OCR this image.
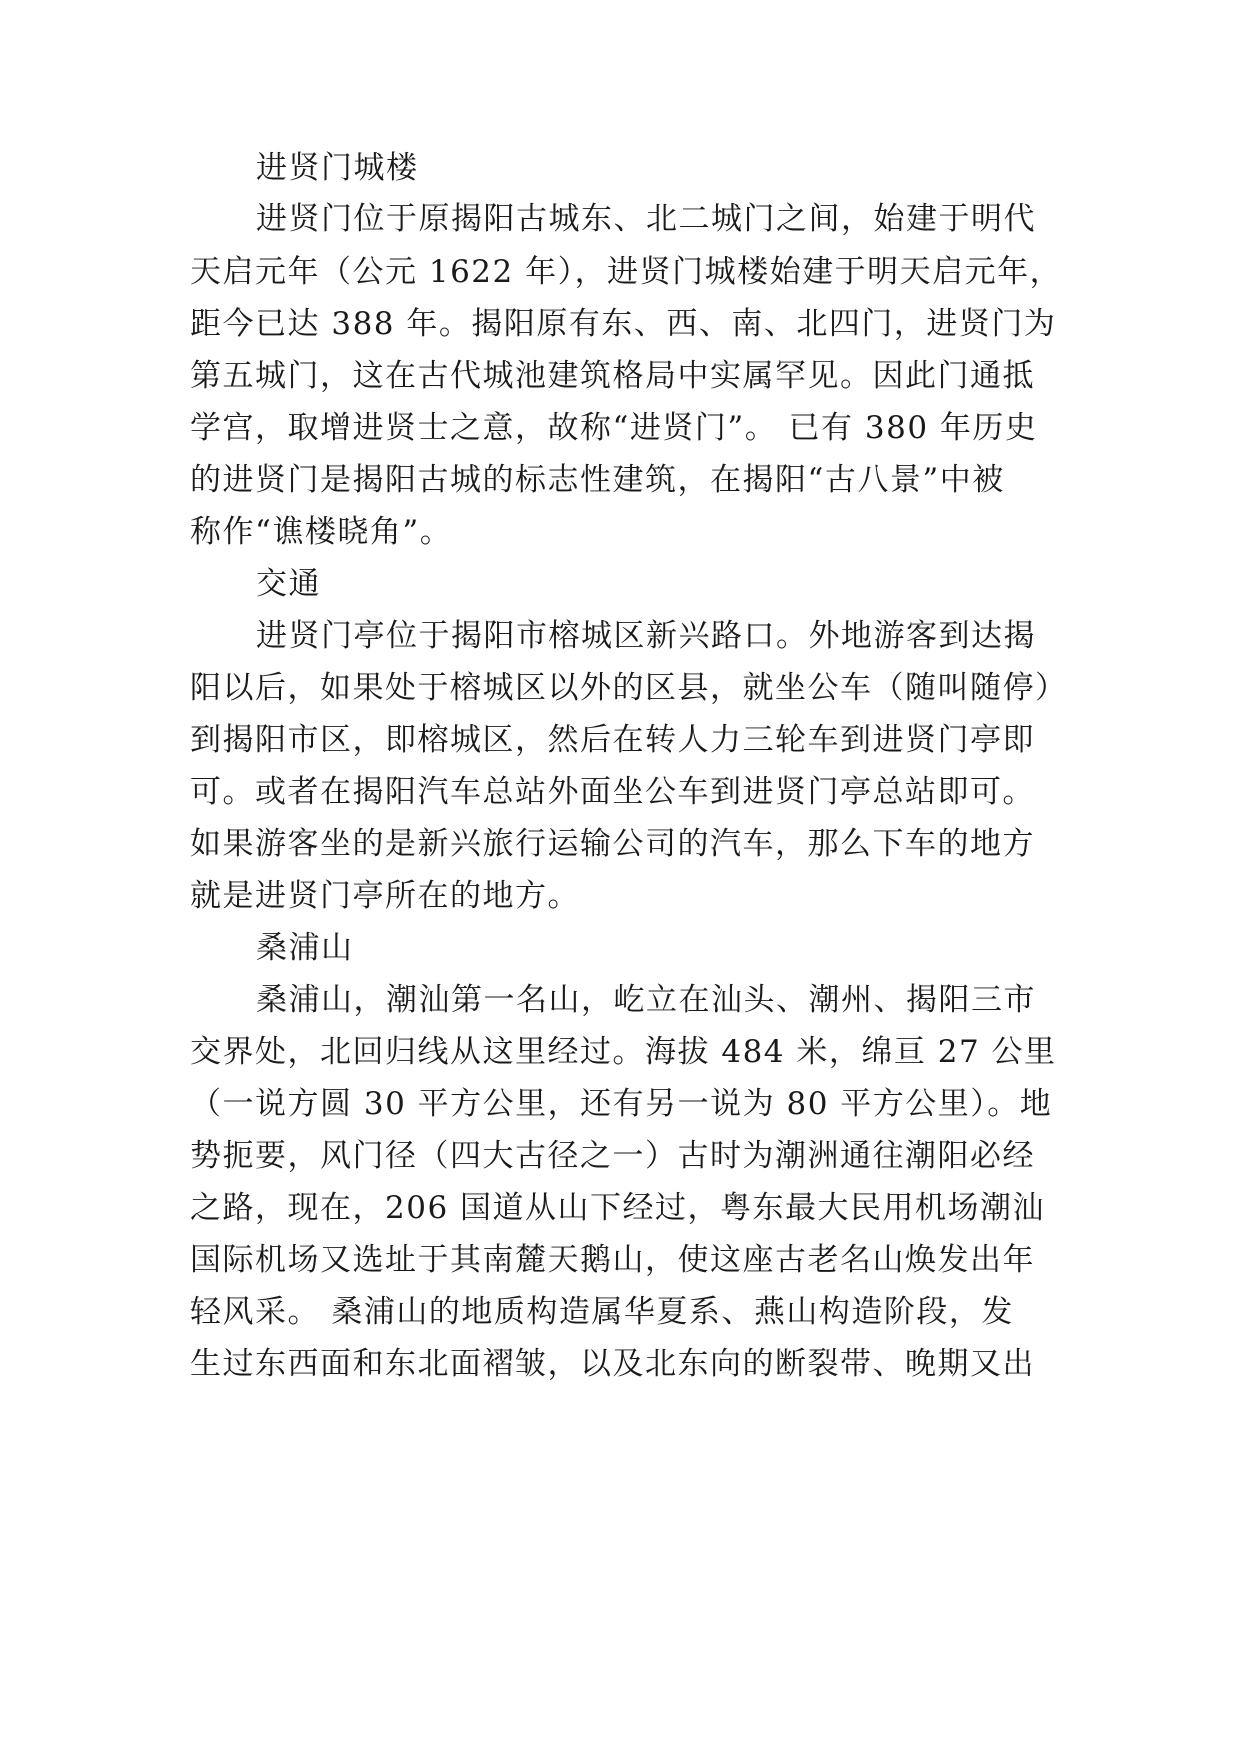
进贤门城楼
进贤门位于原揭阳古城东、北二城门之间，始建于明代
天启元年（公元 1622 年），进贤门城楼始建于明天启元年，
距今已达 388 年。揭阳原有东、西、南、北四门，进贤门为
第五城门，这在古代城池建筑格局中实属罕见。因此门通抵
学宫，取增进贤士之意，故称“进贤门”。 已有 380 年历史
的进贤门是揭阳古城的标志性建筑，在揭阳“古八景”中被
称作“谯楼晓角”。
交通
进贤门亭位于揭阳市榕城区新兴路口。外地游客到达揭
阳以后，如果处于榕城区以外的区县，就坐公车（随叫随停）
到揭阳市区，即榕城区，然后在转人力三轮车到进贤门亭即
可。或者在揭阳汽车总站外面坐公车到进贤门亭总站即可。
如果游客坐的是新兴旅行运输公司的汽车，那么下车的地方
就是进贤门亭所在的地方。
桑浦山
桑浦山，潮汕第一名山，屹立在汕头、潮州、揭阳三市
交界处，北回归线从这里经过。海拔 484 米，绵亘 27 公里
（一说方圆 30 平方公里，还有另一说为 80 平方公里）。地
势扼要，风门径（四大古径之一）古时为潮洲通往潮阳必经
之路，现在，206 国道从山下经过，粤东最大民用机场潮汕
国际机场又选址于其南麓天鹅山，使这座古老名山焕发出年
轻风采。 桑浦山的地质构造属华夏系、燕山构造阶段，发
生过东西面和东北面褶皱，以及北东向的断裂带、晚期又出
